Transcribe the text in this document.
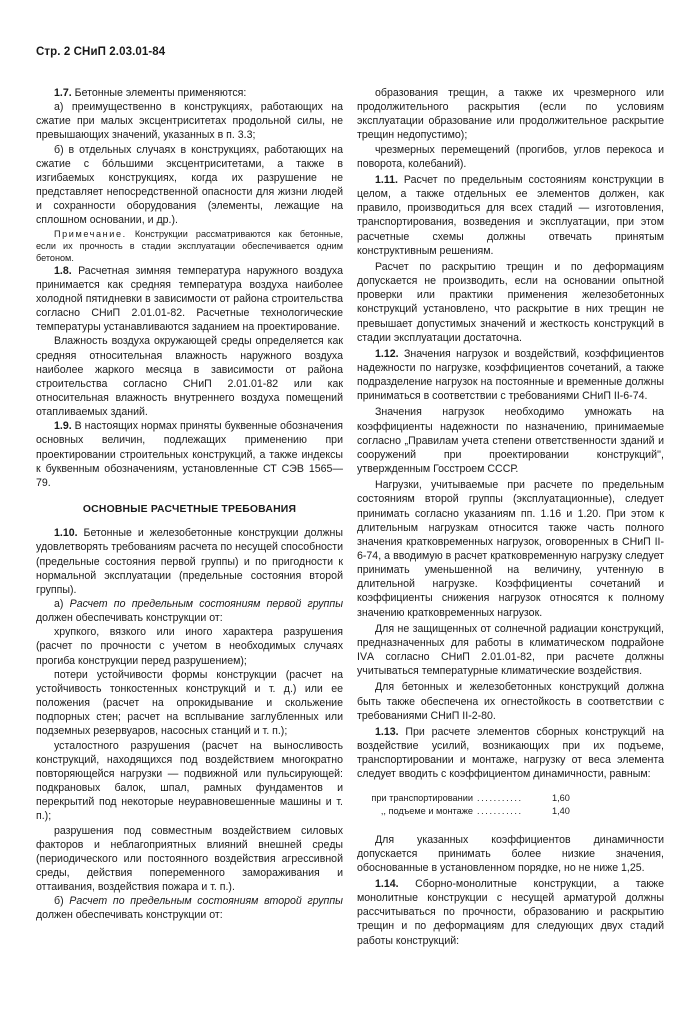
Стр. 2 СНиП 2.03.01-84

1.7. Бетонные элементы применяются:

а) преимущественно в конструкциях, работающих на сжатие при малых эксцентриситетах продольной силы, не превышающих значений, указанных в п. 3.3;

б) в отдельных случаях в конструкциях, работающих на сжатие с бóльшими эксцентриситетами, а также в изгибаемых конструкциях, когда их разрушение не представляет непосредственной опасности для жизни людей и сохранности оборудования (элементы, лежащие на сплошном основании, и др.).

Примечание. Конструкции рассматриваются как бетонные, если их прочность в стадии эксплуатации обеспечивается одним бетоном.

1.8. Расчетная зимняя температура наружного воздуха принимается как средняя температура воздуха наиболее холодной пятидневки в зависимости от района строительства согласно СНиП 2.01.01-82. Расчетные технологические температуры устанавливаются заданием на проектирование.

Влажность воздуха окружающей среды определяется как средняя относительная влажность наружного воздуха наиболее жаркого месяца в зависимости от района строительства согласно СНиП 2.01.01-82 или как относительная влажность внутреннего воздуха помещений отапливаемых зданий.

1.9. В настоящих нормах приняты буквенные обозначения основных величин, подлежащих применению при проектировании строительных конструкций, а также индексы к буквенным обозначениям, установленные СТ СЭВ 1565—79.

ОСНОВНЫЕ РАСЧЕТНЫЕ ТРЕБОВАНИЯ

1.10. Бетонные и железобетонные конструкции должны удовлетворять требованиям расчета по несущей способности (предельные состояния первой группы) и по пригодности к нормальной эксплуатации (предельные состояния второй группы).

а) Расчет по предельным состояниям первой группы должен обеспечивать конструкции от:

хрупкого, вязкого или иного характера разрушения (расчет по прочности с учетом в необходимых случаях прогиба конструкции перед разрушением);

потери устойчивости формы конструкции (расчет на устойчивость тонкостенных конструкций и т. д.) или ее положения (расчет на опрокидывание и скольжение подпорных стен; расчет на всплывание заглубленных или подземных резервуаров, насосных станций и т. п.);

усталостного разрушения (расчет на выносливость конструкций, находящихся под воздействием многократно повторяющейся нагрузки — подвижной или пульсирующей: подкрановых балок, шпал, рамных фундаментов и перекрытий под некоторые неуравновешенные машины и т. п.);

разрушения под совместным воздействием силовых факторов и неблагоприятных влияний внешней среды (периодического или постоянного воздействия агрессивной среды, действия попеременного замораживания и оттаивания, воздействия пожара и т. п.).

б) Расчет по предельным состояниям второй группы должен обеспечивать конструкции от:

образования трещин, а также их чрезмерного или продолжительного раскрытия (если по условиям эксплуатации образование или продолжительное раскрытие трещин недопустимо);

чрезмерных перемещений (прогибов, углов перекоса и поворота, колебаний).

1.11. Расчет по предельным состояниям конструкции в целом, а также отдельных ее элементов должен, как правило, производиться для всех стадий — изготовления, транспортирования, возведения и эксплуатации, при этом расчетные схемы должны отвечать принятым конструктивным решениям.

Расчет по раскрытию трещин и по деформациям допускается не производить, если на основании опытной проверки или практики применения железобетонных конструкций установлено, что раскрытие в них трещин не превышает допустимых значений и жесткость конструкций в стадии эксплуатации достаточна.

1.12. Значения нагрузок и воздействий, коэффициентов надежности по нагрузке, коэффициентов сочетаний, а также подразделение нагрузок на постоянные и временные должны приниматься в соответствии с требованиями СНиП II-6-74.

Значения нагрузок необходимо умножать на коэффициенты надежности по назначению, принимаемые согласно „Правилам учета степени ответственности зданий и сооружений при проектировании конструкций'', утвержденным Госстроем СССР.

Нагрузки, учитываемые при расчете по предельным состояниям второй группы (эксплуатационные), следует принимать согласно указаниям пп. 1.16 и 1.20. При этом к длительным нагрузкам относится также часть полного значения кратковременных нагрузок, оговоренных в СНиП II-6-74, а вводимую в расчет кратковременную нагрузку следует принимать уменьшенной на величину, учтенную в длительной нагрузке. Коэффициенты сочетаний и коэффициенты снижения нагрузок относятся к полному значению кратковременных нагрузок.

Для не защищенных от солнечной радиации конструкций, предназначенных для работы в климатическом подрайоне IVА согласно СНиП 2.01.01-82, при расчете должны учитываться температурные климатические воздействия.

Для бетонных и железобетонных конструкций должна быть также обеспечена их огнестойкость в соответствии с требованиями СНиП II-2-80.

1.13. При расчете элементов сборных конструкций на воздействие усилий, возникающих при их подъеме, транспортировании и монтаже, нагрузку от веса элемента следует вводить с коэффициентом динамичности, равным:

при транспортировании ...........	1,60
,, подъеме и монтаже ...........	1,40

Для указанных коэффициентов динамичности допускается принимать более низкие значения, обоснованные в установленном порядке, но не ниже 1,25.

1.14. Сборно-монолитные конструкции, а также монолитные конструкции с несущей арматурой должны рассчитываться по прочности, образованию и раскрытию трещин и по деформациям для следующих двух стадий работы конструкций:
